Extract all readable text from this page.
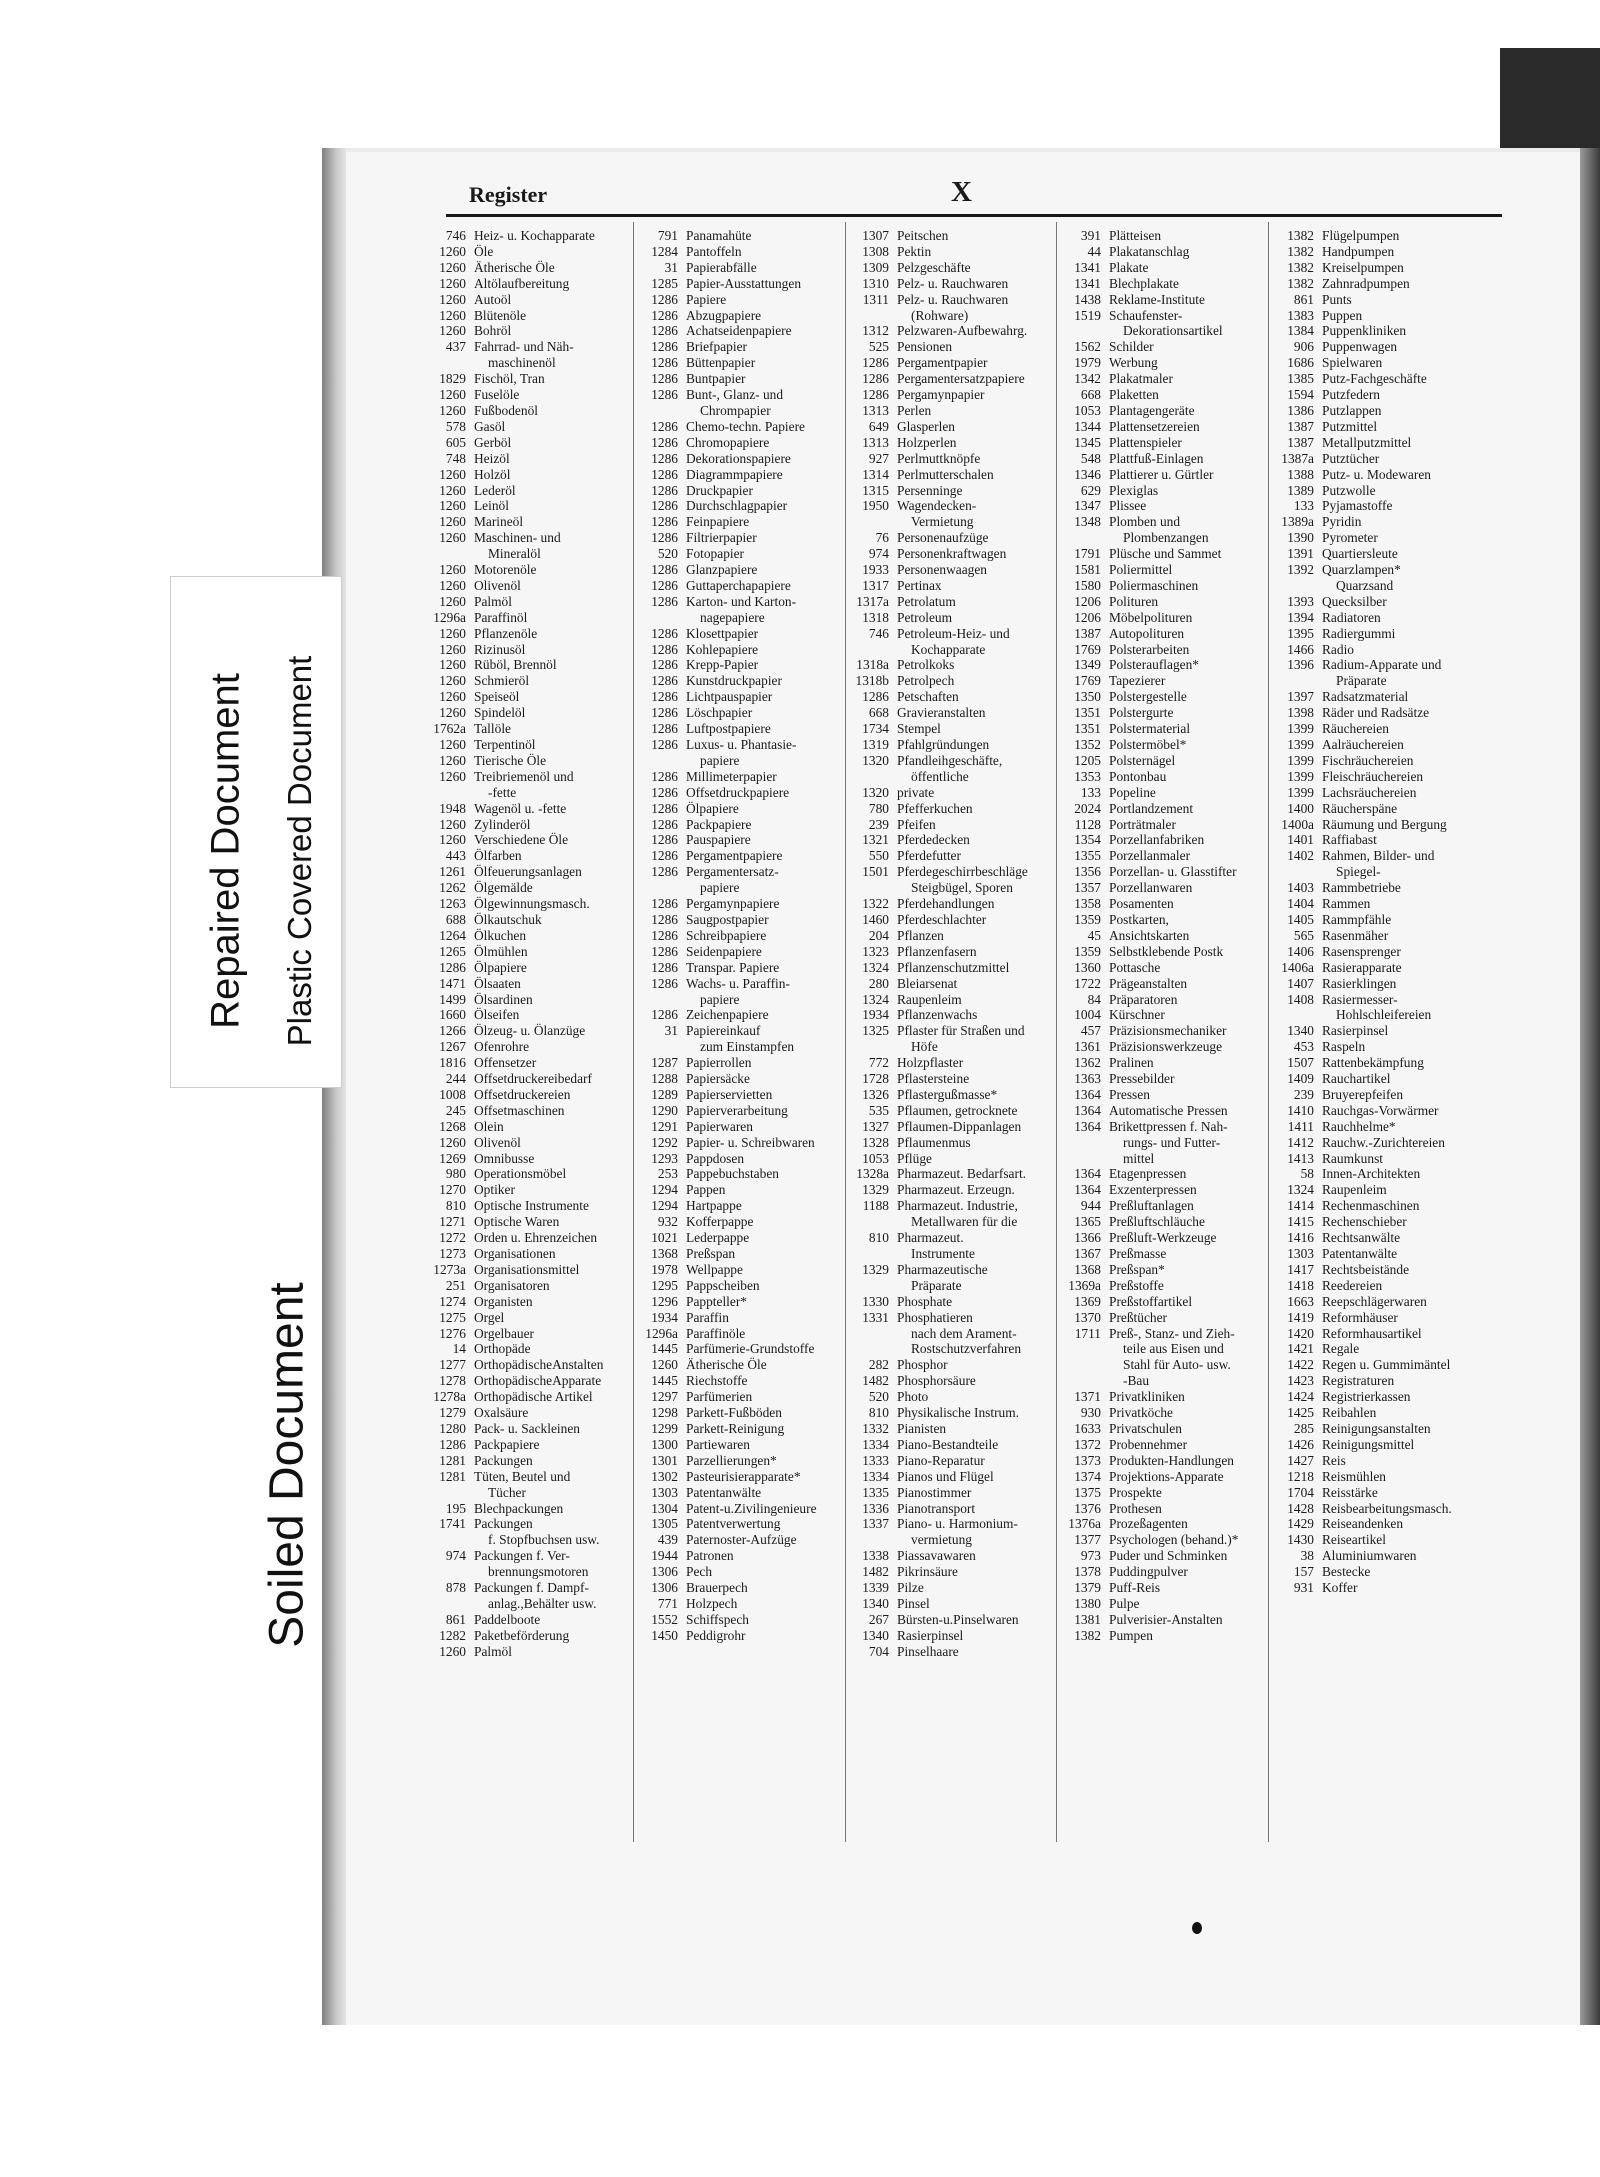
Register	X
746 Heiz- u. Kochapparate
1260 Öle
1260 Ätherische Öle
1260 Altölaufbereitung
1260 Autoöl
1260 Blütenöle
1260 Bohröl
437 Fahrrad- und Näh-
maschinenöl
1829 Fischöl, Tran
1260 Fuselöle
1260 Fußbodenöl
578 Gasöl
605 Gerböl
748 Heizöl
1260 Holzöl
1260 Lederöl
1260 Leinöl
1260 Marineöl
1260 Maschinen- und
Mineralöl
1260 Motorenöle
1260 Olivenöl
1260 Palmöl
1296a Paraffinöl
1260 Pflanzenöle
1260 Rizinusöl
1260 Rüböl, Brennöl
1260 Schmieröl
1260 Speiseöl
1260 Spindelöl
1762a Tallöle
1260 Terpentinöl
1260 Tierische Öle
1260 Treibriemenöl und
-fette
1948 Wagenöl u. -fette
1260 Zylinderöl
1260 Verschiedene Öle
443 Ölfarben
1261 Ölfeuerungsanlagen
1262 Ölgemälde
1263 Ölgewinnungsmasch.
688 Ölkautschuk
1264 Ölkuchen
1265 Ölmühlen
1286 Ölpapiere
1471 Ölsaaten
1499 Ölsardinen
1660 Ölseifen
1266 Ölzeug- u. Ölanzüge
1267 Ofenrohre
1816 Offensetzer
244 Offsetdruckereibedarf
1008 Offsetdruckereien
245 Offsetmaschinen
1268 Olein
1260 Olivenöl
1269 Omnibusse
980 Operationsmöbel
1270 Optiker
810 Optische Instrumente
1271 Optische Waren
1272 Orden u. Ehrenzeichen
1273 Organisationen
1273a Organisationsmittel
251 Organisatoren
1274 Organisten
1275 Orgel
1276 Orgelbauer
14 Orthopäde
1277 OrthopädischeAnstalten
1278 OrthopädischeApparate
1278a Orthopädische Artikel
1279 Oxalsäure
1280 Pack- u. Sackleinen
1286 Packpapiere
1281 Packungen
1281 Tüten, Beutel und
Tücher
195 Blechpackungen
1741 Packungen
f. Stopfbuchsen usw.
974 Packungen f. Ver-
brennungsmotoren
878 Packungen f. Dampf-
anlag.,Behälter usw.
861 Paddelboote
1282 Paketbeförderung
1260 Palmöl
791 Panamahüte
1284 Pantoffeln
31 Papierabfälle
1285 Papier-Ausstattungen
1286 Papiere
1286 Abzugpapiere
1286 Achatseidenpapiere
1286 Briefpapier
1286 Büttenpapier
1286 Buntpapier
1286 Bunt-, Glanz- und
Chrompapier
1286 Chemo-techn. Papiere
1286 Chromopapiere
1286 Dekorationspapiere
1286 Diagrammpapiere
1286 Druckpapier
1286 Durchschlagpapier
1286 Feinpapiere
1286 Filtrierpapier
520 Fotopapier
1286 Glanzpapiere
1286 Guttaperchapapiere
1286 Karton- und Karton-
nagepapiere
1286 Klosettpapier
1286 Kohlepapiere
1286 Krepp-Papier
1286 Kunstdruckpapier
1286 Lichtpauspapier
1286 Löschpapier
1286 Luftpostpapiere
1286 Luxus- u. Phantasie-
papiere
1286 Millimeterpapier
1286 Offsetdruckpapiere
1286 Ölpapiere
1286 Packpapiere
1286 Pauspapiere
1286 Pergamentpapiere
1286 Pergamentersatz-
papiere
1286 Pergamynpapiere
1286 Saugpostpapier
1286 Schreibpapiere
1286 Seidenpapiere
1286 Transpar. Papiere
1286 Wachs- u. Paraffin-
papiere
1286 Zeichenpapiere
31 Papiereinkauf
zum Einstampfen
1287 Papierrollen
1288 Papiersäcke
1289 Papierservietten
1290 Papierverarbeitung
1291 Papierwaren
1292 Papier- u. Schreibwaren
1293 Pappdosen
253 Pappebuchstaben
1294 Pappen
1294 Hartpappe
932 Kofferpappe
1021 Lederpappe
1368 Preßspan
1978 Wellpappe
1295 Pappscheiben
1296 Pappteller*
1934 Paraffin
1296a Paraffinöle
1445 Parfümerie-Grundstoffe
1260 Ätherische Öle
1445 Riechstoffe
1297 Parfümerien
1298 Parkett-Fußböden
1299 Parkett-Reinigung
1300 Partiewaren
1301 Parzellierungen*
1302 Pasteurisierapparate*
1303 Patentanwälte
1304 Patent-u.Zivilingenieure
1305 Patentverwertung
439 Paternoster-Aufzüge
1944 Patronen
1306 Pech
1306 Brauerpech
771 Holzpech
1552 Schiffspech
1450 Peddigrohr
1307 Peitschen
1308 Pektin
1309 Pelzgeschäfte
1310 Pelz- u. Rauchwaren
1311 Pelz- u. Rauchwaren
(Rohware)
1312 Pelzwaren-Aufbewahrg.
525 Pensionen
1286 Pergamentpapier
1286 Pergamentersatzpapiere
1286 Pergamynpapier
1313 Perlen
649 Glasperlen
1313 Holzperlen
927 Perlmuttknöpfe
1314 Perlmutterschalen
1315 Persenninge
1950 Wagendecken-
Vermietung
76 Personenaufzüge
974 Personenkraftwagen
1933 Personenwaagen
1317 Pertinax
1317a Petrolatum
1318 Petroleum
746 Petroleum-Heiz- und
Kochapparate
1318a Petrolkoks
1318b Petrolpech
1286 Petschaften
668 Gravieranstalten
1734 Stempel
1319 Pfahlgründungen
1320 Pfandleihgeschäfte,
öffentliche
1320 private
780 Pfefferkuchen
239 Pfeifen
1321 Pferdedecken
550 Pferdefutter
1501 Pferdegeschirrbeschläge
Steigbügel, Sporen
1322 Pferdehandlungen
1460 Pferdeschlachter
204 Pflanzen
1323 Pflanzenfasern
1324 Pflanzenschutzmittel
280 Bleiarsenat
1324 Raupenleim
1934 Pflanzenwachs
1325 Pflaster für Straßen und
Höfe
772 Holzpflaster
1728 Pflastersteine
1326 Pflastergußmasse*
535 Pflaumen, getrocknete
1327 Pflaumen-Dippanlagen
1328 Pflaumenmus
1053 Pflüge
1328a Pharmazeut. Bedarfsart.
1329 Pharmazeut. Erzeugn.
1188 Pharmazeut. Industrie,
Metallwaren für die
810 Pharmazeut.
Instrumente
1329 Pharmazeutische
Präparate
1330 Phosphate
1331 Phosphatieren
nach dem Arament-
Rostschutzverfahren
282 Phosphor
1482 Phosphorsäure
520 Photo
810 Physikalische Instrum.
1332 Pianisten
1334 Piano-Bestandteile
1333 Piano-Reparatur
1334 Pianos und Flügel
1335 Pianostimmer
1336 Pianotransport
1337 Piano- u. Harmonium-
vermietung
1338 Piassavawaren
1482 Pikrinsäure
1339 Pilze
1340 Pinsel
267 Bürsten-u.Pinselwaren
1340 Rasierpinsel
704 Pinselhaare
391 Plätteisen
44 Plakatanschlag
1341 Plakate
1341 Blechplakate
1438 Reklame-Institute
1519 Schaufenster-
Dekorationsartikel
1562 Schilder
1979 Werbung
1342 Plakatmaler
668 Plaketten
1053 Plantagengeräte
1344 Plattensetzereien
1345 Plattenspieler
548 Plattfuß-Einlagen
1346 Plattierer u. Gürtler
629 Plexiglas
1347 Plissee
1348 Plomben und
Plombenzangen
1791 Plüsche und Sammet
1581 Poliermittel
1580 Poliermaschinen
1206 Polituren
1206 Möbelpolituren
1387 Autopolituren
1769 Polsterarbeiten
1349 Polsterauflagen*
1769 Tapezierer
1350 Polstergestelle
1351 Polstergurte
1351 Polstermaterial
1352 Polstermöbel*
1205 Polsternägel
1353 Pontonbau
133 Popeline
2024 Portlandzement
1128 Porträtmaler
1354 Porzellanfabriken
1355 Porzellanmaler
1356 Porzellan- u. Glasstifter
1357 Porzellanwaren
1358 Posamenten
1359 Postkarten,
45 Ansichtskarten
1359 Selbstklebende Postk
1360 Pottasche
1722 Prägeanstalten
84 Präparatoren
1004 Kürschner
457 Präzisionsmechaniker
1361 Präzisionswerkzeuge
1362 Pralinen
1363 Pressebilder
1364 Pressen
1364 Automatische Pressen
1364 Brikettpressen f. Nah-
rungs- und Futter-
mittel
1364 Etagenpressen
1364 Exzenterpressen
944 Preßluftanlagen
1365 Preßluftschläuche
1366 Preßluft-Werkzeuge
1367 Preßmasse
1368 Preßspan*
1369a Preßstoffe
1369 Preßstoffartikel
1370 Preßtücher
1711 Preß-, Stanz- und Zieh-
teile aus Eisen und
Stahl für Auto- usw.
-Bau
1371 Privatkliniken
930 Privatköche
1633 Privatschulen
1372 Probennehmer
1373 Produkten-Handlungen
1374 Projektions-Apparate
1375 Prospekte
1376 Prothesen
1376a Prozeßagenten
1377 Psychologen (behand.)*
973 Puder und Schminken
1378 Puddingpulver
1379 Puff-Reis
1380 Pulpe
1381 Pulverisier-Anstalten
1382 Pumpen
1382 Flügelpumpen
1382 Handpumpen
1382 Kreiselpumpen
1382 Zahnradpumpen
861 Punts
1383 Puppen
1384 Puppenkliniken
906 Puppenwagen
1686 Spielwaren
1385 Putz-Fachgeschäfte
1594 Putzfedern
1386 Putzlappen
1387 Putzmittel
1387 Metallputzmittel
1387a Putztücher
1388 Putz- u. Modewaren
1389 Putzwolle
133 Pyjamastoffe
1389a Pyridin
1390 Pyrometer
1391 Quartiersleute
1392 Quarzlampen*
Quarzsand
1393 Quecksilber
1394 Radiatoren
1395 Radiergummi
1466 Radio
1396 Radium-Apparate und
Präparate
1397 Radsatzmaterial
1398 Räder und Radsätze
1399 Räuchereien
1399 Aalräuchereien
1399 Fischräuchereien
1399 Fleischräuchereien
1399 Lachsräuchereien
1400 Räucherspäne
1400a Räumung und Bergung
1401 Raffiabast
1402 Rahmen, Bilder- und
Spiegel-
1403 Rammbetriebe
1404 Rammen
1405 Rammpfähle
565 Rasenmäher
1406 Rasensprenger
1406a Rasierapparate
1407 Rasierklingen
1408 Rasiermesser-
Hohlschleifereien
1340 Rasierpinsel
453 Raspeln
1507 Rattenbekämpfung
1409 Rauchartikel
239 Bruyerepfeifen
1410 Rauchgas-Vorwärmer
1411 Rauchhelme*
1412 Rauchw.-Zurichtereien
1413 Raumkunst
58 Innen-Architekten
1324 Raupenleim
1414 Rechenmaschinen
1415 Rechenschieber
1416 Rechtsanwälte
1303 Patentanwälte
1417 Rechtsbeistände
1418 Reedereien
1663 Reepschlägerwaren
1419 Reformhäuser
1420 Reformhausartikel
1421 Regale
1422 Regen u. Gummimäntel
1423 Registraturen
1424 Registrierkassen
1425 Reibahlen
285 Reinigungsanstalten
1426 Reinigungsmittel
1427 Reis
1218 Reismühlen
1704 Reisstärke
1428 Reisbearbeitungsmasch.
1429 Reiseandenken
1430 Reiseartikel
38 Aluminiumwaren
157 Bestecke
931 Koffer
Repaired Document Plastic Covered Document
Soiled Document
